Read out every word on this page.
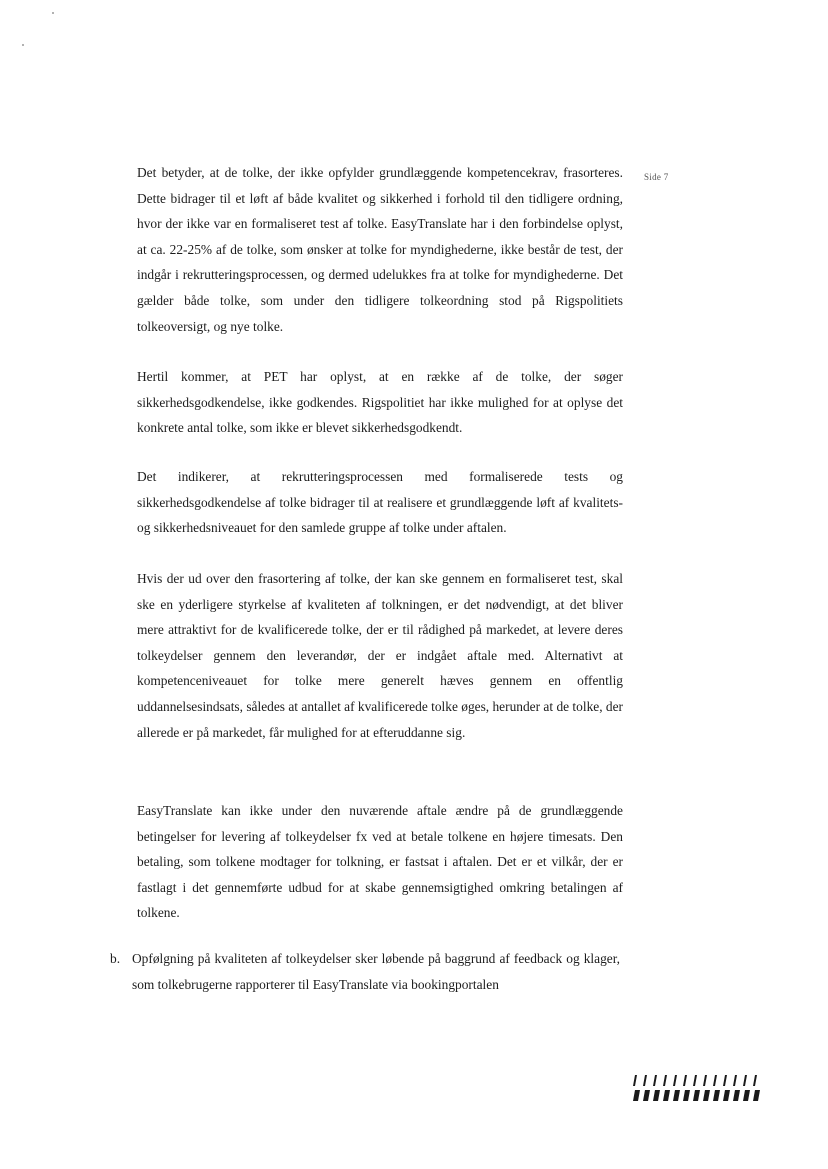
Side 7

Det betyder, at de tolke, der ikke opfylder grundlæggende kompetencekrav, frasorteres. Dette bidrager til et løft af både kvalitet og sikkerhed i forhold til den tidligere ordning, hvor der ikke var en formaliseret test af tolke. EasyTranslate har i den forbindelse oplyst, at ca. 22-25% af de tolke, som ønsker at tolke for myndighederne, ikke består de test, der indgår i rekrutteringsprocessen, og dermed udelukkes fra at tolke for myndighederne. Det gælder både tolke, som under den tidligere tolkeordning stod på Rigspolitiets tolkeoversigt, og nye tolke.

Hertil kommer, at PET har oplyst, at en række af de tolke, der søger sikkerhedsgodkendelse, ikke godkendes. Rigspolitiet har ikke mulighed for at oplyse det konkrete antal tolke, som ikke er blevet sikkerhedsgodkendt.

Det indikerer, at rekrutteringsprocessen med formaliserede tests og sikkerhedsgodkendelse af tolke bidrager til at realisere et grundlæggende løft af kvalitets- og sikkerhedsniveauet for den samlede gruppe af tolke under aftalen.

Hvis der ud over den frasortering af tolke, der kan ske gennem en formaliseret test, skal ske en yderligere styrkelse af kvaliteten af tolkningen, er det nødvendigt, at det bliver mere attraktivt for de kvalificerede tolke, der er til rådighed på markedet, at levere deres tolkeydelser gennem den leverandør, der er indgået aftale med. Alternativt at kompetenceniveauet for tolke mere generelt hæves gennem en offentlig uddannelsesindsats, således at antallet af kvalificerede tolke øges, herunder at de tolke, der allerede er på markedet, får mulighed for at efteruddanne sig.

EasyTranslate kan ikke under den nuværende aftale ændre på de grundlæggende betingelser for levering af tolkeydelser fx ved at betale tolkene en højere timesats. Den betaling, som tolkene modtager for tolkning, er fastsat i aftalen. Det er et vilkår, der er fastlagt i det gennemførte udbud for at skabe gennemsigtighed omkring betalingen af tolkene.

b. Opfølgning på kvaliteten af tolkeydelser sker løbende på baggrund af feedback og klager, som tolkebrugerne rapporterer til EasyTranslate via bookingportalen
